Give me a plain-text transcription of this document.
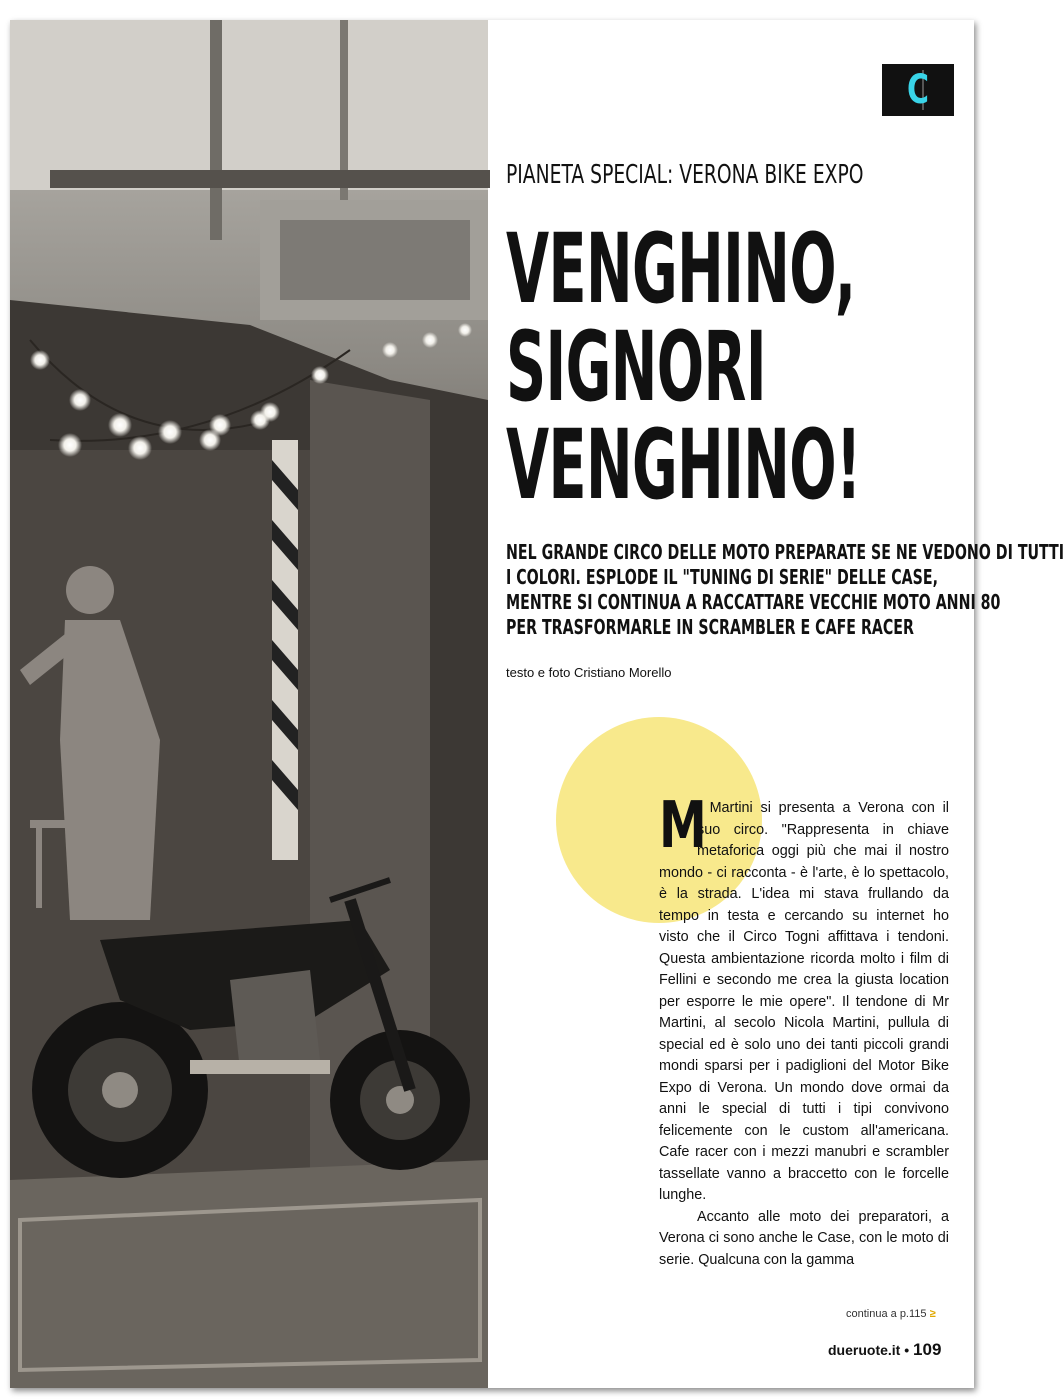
C
PIANETA SPECIAL: VERONA BIKE EXPO
VENGHINO,
SIGNORI
VENGHINO!
NEL GRANDE CIRCO DELLE MOTO PREPARATE SE NE VEDONO DI TUTTI
I COLORI. ESPLODE IL "TUNING DI SERIE" DELLE CASE,
MENTRE SI CONTINUA A RACCATTARE VECCHIE MOTO ANNI 80
PER TRASFORMARLE IN SCRAMBLER E CAFE RACER
testo e foto Cristiano Morello
M

r Martini si presenta a Verona con il suo circo. "Rappresenta in chiave metaforica oggi più che mai il nostro mondo - ci racconta - è l'arte, è lo spettacolo, è la strada. L'idea mi stava frullando da tempo in testa e cercando su internet ho visto che il Circo Togni affittava i tendoni. Questa ambientazione ricorda molto i film di Fellini e secondo me crea la giusta location per esporre le mie opere". Il tendone di Mr Martini, al secolo Nicola Martini, pullula di special ed è solo uno dei tanti piccoli grandi mondi sparsi per i padiglioni del Motor Bike Expo di Verona. Un mondo dove ormai da anni le special di tutti i tipi convivono felicemente con le custom all'americana. Cafe racer con i mezzi manubri e scrambler tassellate vanno a braccetto con le forcelle lunghe.

Accanto alle moto dei preparatori, a Verona ci sono anche le Case, con le moto di serie. Qualcuna con la gamma

continua a p.115 ≥
dueruote.it • 109
